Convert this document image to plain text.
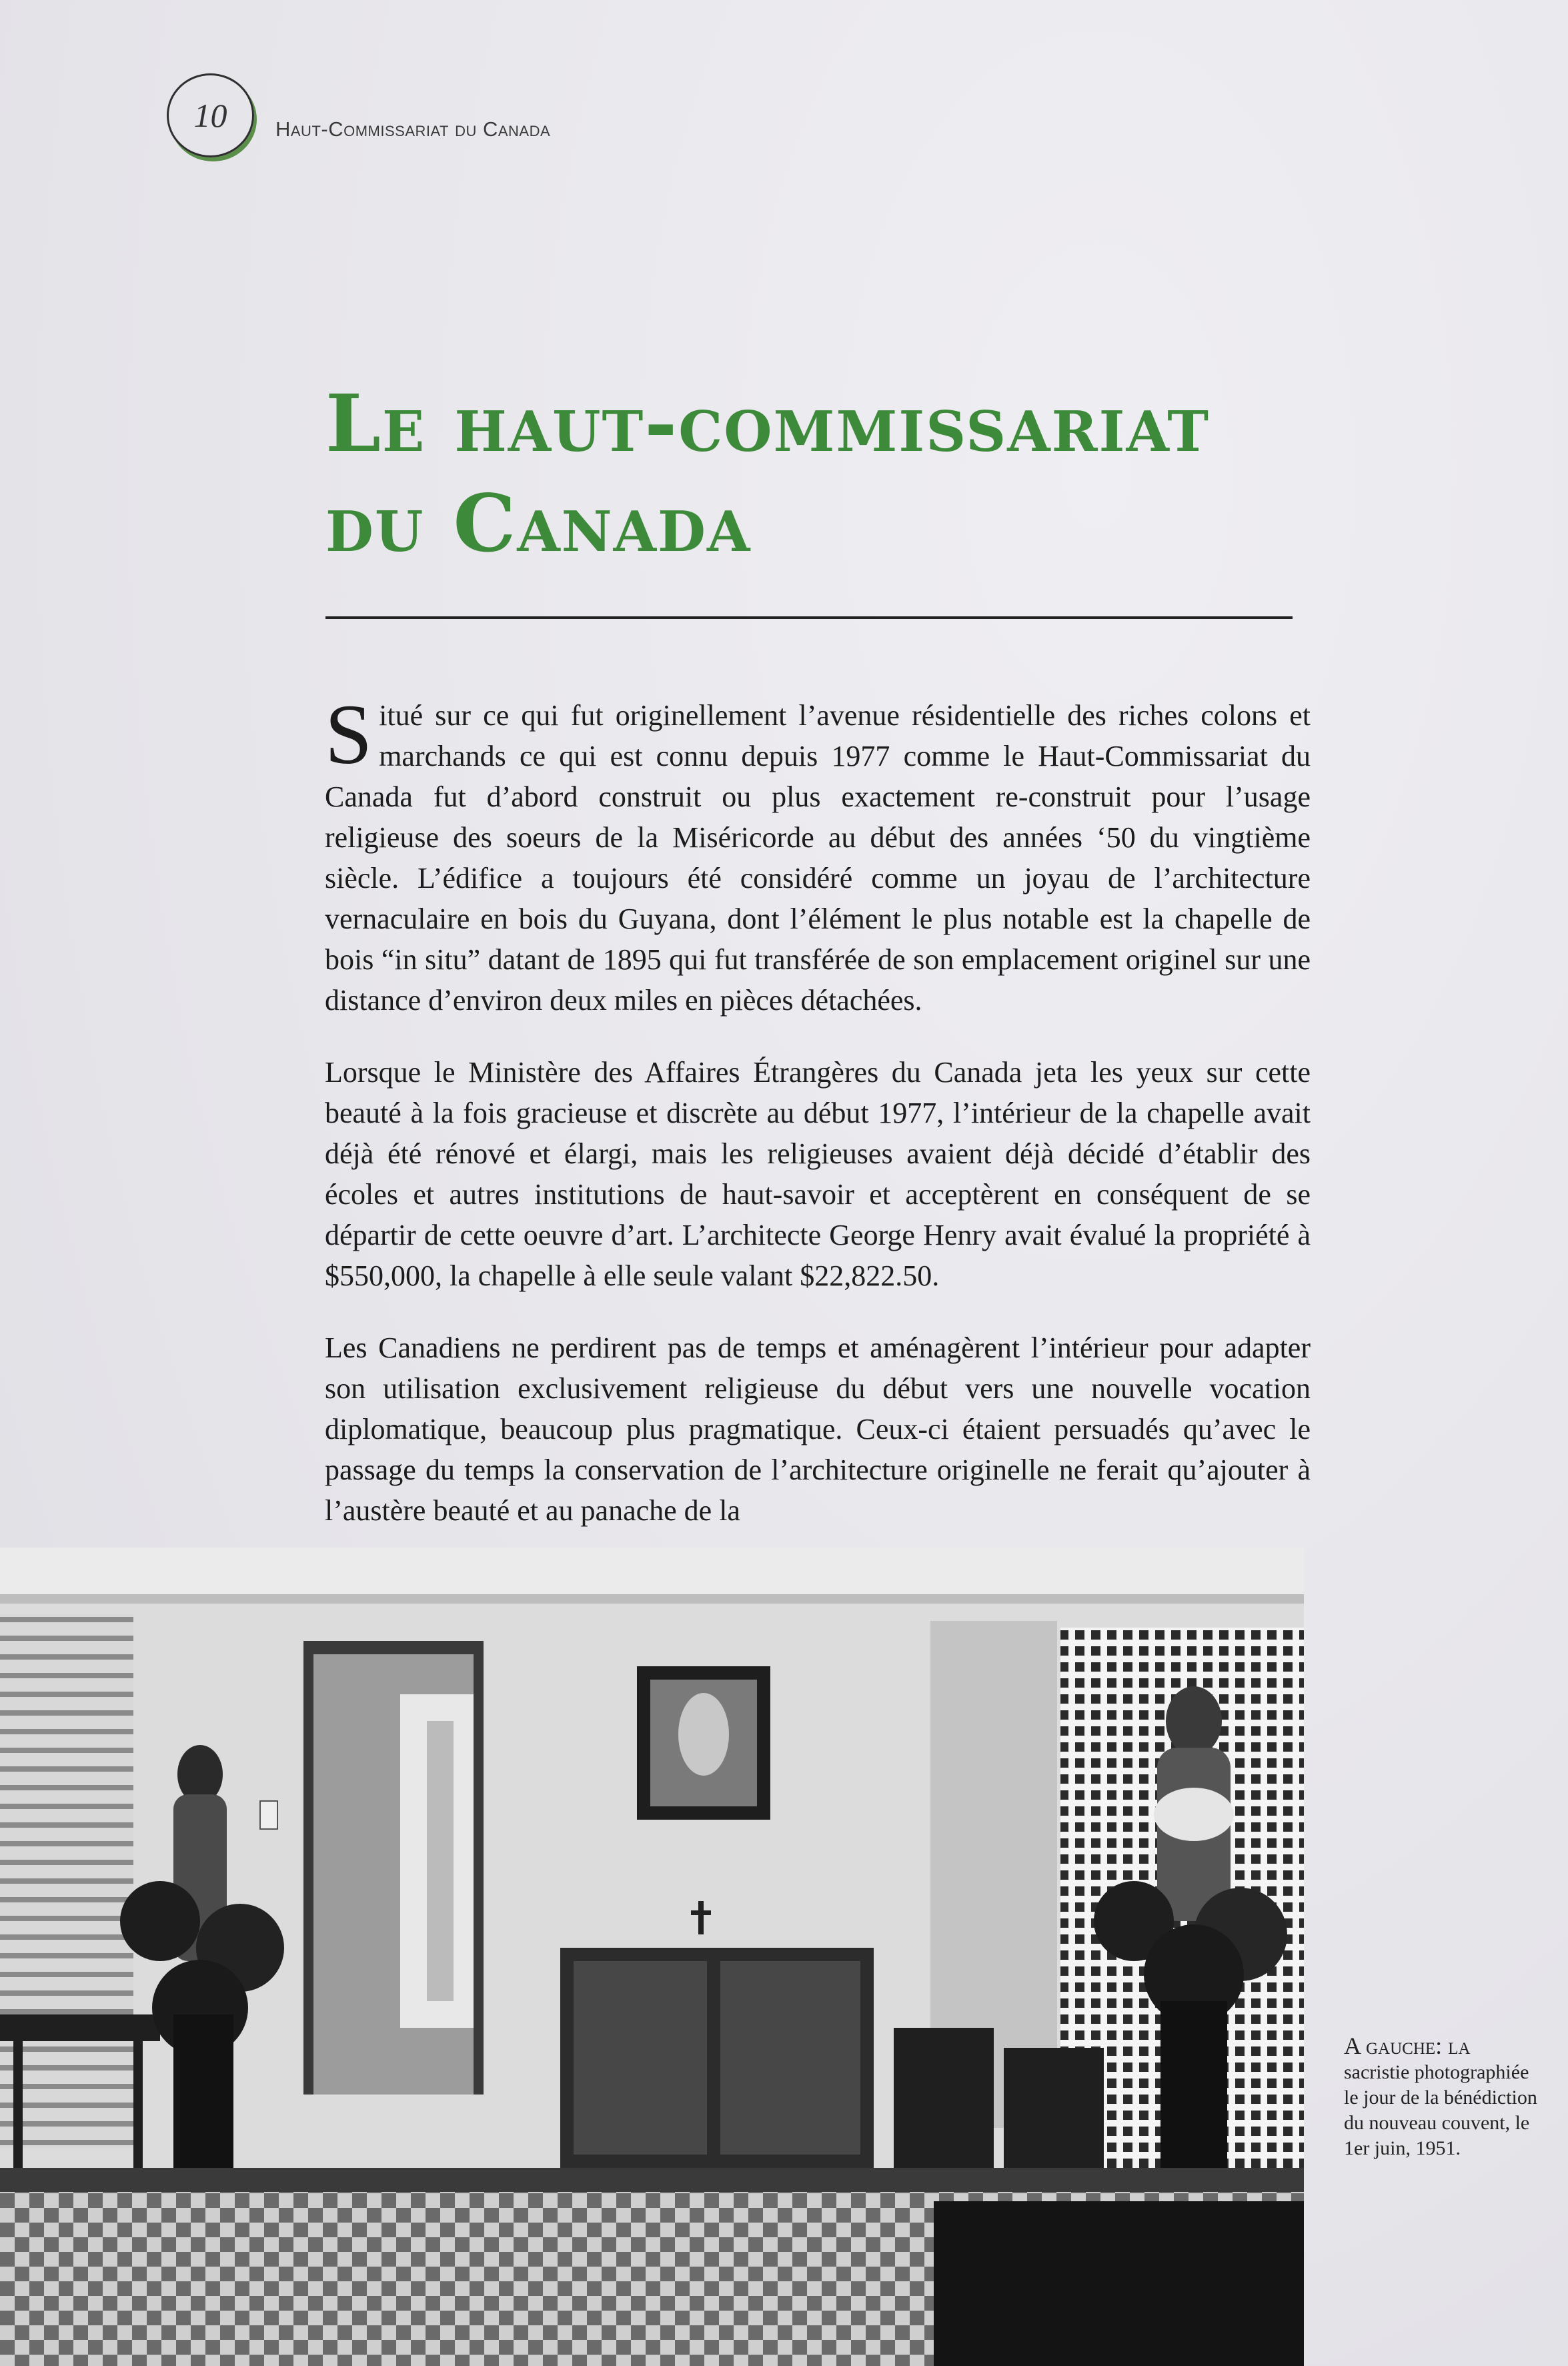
10 Haut-Commissariat du Canada
Le haut-commissariat
du Canada
Situé sur ce qui fut originellement l’avenue résidentielle des riches colons et marchands ce qui est connu depuis 1977 comme le Haut-Commissariat du Canada fut d’abord construit ou plus exactement re-construit pour l’usage religieuse des soeurs de la Miséricorde au début des années ‘50 du vingtième siècle. L’édifice a toujours été considéré comme un joyau de l’architecture vernaculaire en bois du Guyana, dont l’élément le plus notable est la chapelle de bois “in situ” datant de 1895 qui fut transférée de son emplacement originel sur une distance d’environ deux miles en pièces détachées.
Lorsque le Ministère des Affaires Étrangères du Canada jeta les yeux sur cette beauté à la fois gracieuse et discrète au début 1977, l’intérieur de la chapelle avait déjà été rénové et élargi, mais les religieuses avaient déjà décidé d’établir des écoles et autres institutions de haut-savoir et acceptèrent en conséquent de se départir de cette oeuvre d’art. L’architecte George Henry avait évalué la propriété à $550,000, la chapelle à elle seule valant $22,822.50.
Les Canadiens ne perdirent pas de temps et aménagèrent l’intérieur pour adapter son utilisation exclusivement religieuse du début vers une nouvelle vocation diplomatique, beaucoup plus pragmatique. Ceux-ci étaient persuadés qu’avec le passage du temps la conservation de l’architecture originelle ne ferait qu’ajouter à l’austère beauté et au panache de la
A gauche: la
sacristie photographiée le jour de la bénédiction du nouveau couvent, le 1er juin, 1951.
